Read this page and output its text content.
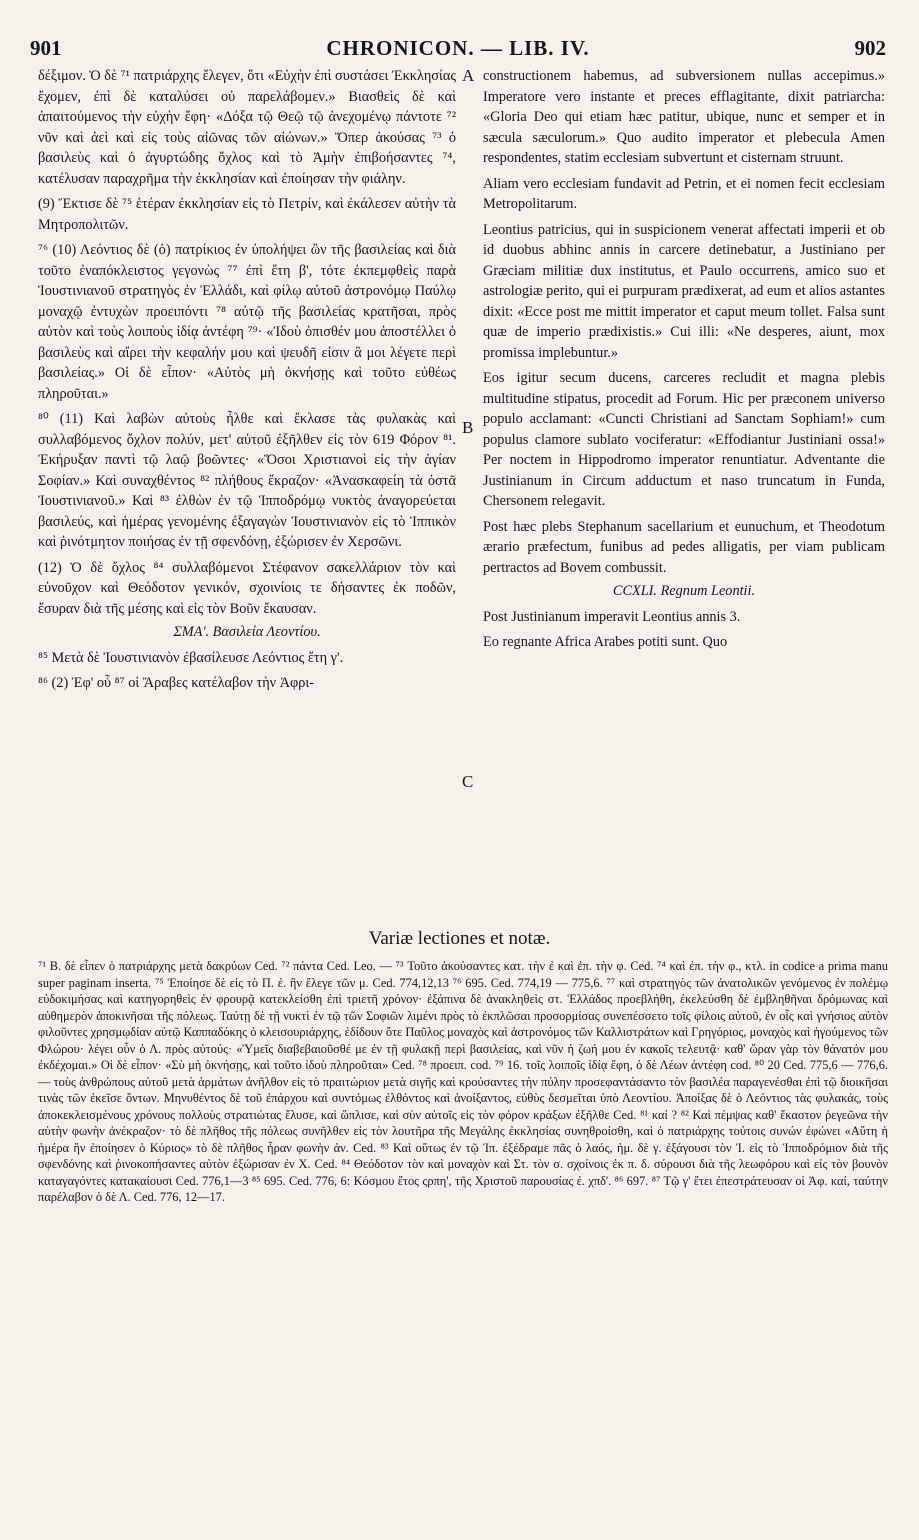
901	CHRONICON. — LIB. IV.	902

δέξιμον. Ὁ δὲ ⁷¹ πατριάρχης ἔλεγεν, ὅτι «Εὐχὴν ἐπὶ συστάσει Ἐκκλησίας ἔχομεν, ἐπὶ δὲ καταλύσει οὐ παρελάβομεν.» Βιασθεὶς δὲ καὶ ἀπαιτούμενος τὴν εὐχὴν ἔφη· «Δόξα τῷ Θεῷ τῷ ἀνεχομένῳ πάντοτε ⁷² νῦν καὶ ἀεὶ καὶ εἰς τοὺς αἰῶνας τῶν αἰώνων.» Ὅπερ ἀκούσας ⁷³ ὁ βασιλεὺς καὶ ὁ ἀγυρτώδης ὄχλος καὶ τὸ Ἀμὴν ἐπιβοήσαντες ⁷⁴, κατέλυσαν παραχρῆμα τὴν ἐκκλησίαν καὶ ἐποίησαν τὴν φιάλην.

(9) Ἔκτισε δὲ ⁷⁵ ἑτέραν ἐκκλησίαν εἰς τὸ Πετρίν, καὶ ἐκάλεσεν αὐτὴν τὰ Μητροπολιτῶν.

⁷⁶ (10) Λεόντιος δὲ (ὁ) πατρίκιος ἐν ὑπολήψει ὢν τῆς βασιλείας καὶ διὰ τοῦτο ἐναπόκλειστος γεγονὼς ⁷⁷ ἐπὶ ἔτη β', τότε ἐκπεμφθεὶς παρὰ Ἰουστινιανοῦ στρατηγὸς ἐν Ἑλλάδι, καὶ φίλῳ αὐτοῦ ἀστρονόμῳ Παύλῳ μοναχῷ ἐντυχὼν προειπόντι ⁷⁸ αὐτῷ τῆς βασιλείας κρατῆσαι, πρὸς αὐτὸν καὶ τοὺς λοιποὺς ἰδίᾳ ἀντέφη ⁷⁹· «Ἰδοὺ ὀπισθέν μου ἀποστέλλει ὁ βασιλεὺς καὶ αἴρει τὴν κεφαλήν μου καὶ ψευδῆ εἰσιν ἃ μοι λέγετε περὶ βασιλείας.» Οἱ δὲ εἶπον· «Αὐτὸς μὴ ὀκνήσῃς καὶ τοῦτο εὐθέως πληροῦται.»

⁸⁰ (11) Καὶ λαβὼν αὐτοὺς ἦλθε καὶ ἔκλασε τὰς φυλακὰς καὶ συλλαβόμενος ὄχλον πολύν, μετ' αὐτοῦ ἐξῆλθεν εἰς τὸν 619 Φόρον ⁸¹. Ἐκήρυξαν παντὶ τῷ λαῷ βοῶντες· «Ὅσοι Χριστιανοὶ εἰς τὴν ἁγίαν Σοφίαν.» Καὶ συναχθέντος ⁸² πλήθους ἔκραζον· «Ἀνασκαφείη τὰ ὀστᾶ Ἰουστινιανοῦ.» Καὶ ⁸³ ἐλθὼν ἐν τῷ Ἱπποδρόμῳ νυκτὸς ἀναγορεύεται βασιλεύς, καὶ ἡμέρας γενομένης ἐξαγαγὼν Ἰουστινιανὸν εἰς τὸ Ἱππικὸν καὶ ῥινότμητον ποιήσας ἐν τῇ σφενδόνῃ, ἐξώρισεν ἐν Χερσῶνι.

(12) Ὁ δὲ ὄχλος ⁸⁴ συλλαβόμενοι Στέφανον σακελλάριον τὸν καὶ εὐνοῦχον καὶ Θεόδοτον γενικόν, σχοινίοις τε δήσαντες ἐκ ποδῶν, ἔσυραν διὰ τῆς μέσης καὶ εἰς τὸν Βοῦν ἔκαυσαν.

ΣΜΑ'. Βασιλεία Λεοντίου.

⁸⁵ Μετὰ δὲ Ἰουστινιανὸν ἐβασίλευσε Λεόντιος ἔτη γ'.

⁸⁶ (2) Ἐφ' οὗ ⁸⁷ οἱ Ἄραβες κατέλαβον τὴν Ἀφρι-

A
B
C

constructionem habemus, ad subversionem nullas accepimus.» Imperatore vero instante et preces efflagitante, dixit patriarcha: «Gloria Deo qui etiam hæc patitur, ubique, nunc et semper et in sæcula sæculorum.» Quo audito imperator et plebecula Amen respondentes, statim ecclesiam subvertunt et cisternam struunt.

Aliam vero ecclesiam fundavit ad Petrin, et ei nomen fecit ecclesiam Metropolitarum.

Leontius patricius, qui in suspicionem venerat affectati imperii et ob id duobus abhinc annis in carcere detinebatur, a Justiniano per Græciam militiæ dux institutus, et Paulo occurrens, amico suo et astrologiæ perito, qui ei purpuram prædixerat, ad eum et alios astantes dixit: «Ecce post me mittit imperator et caput meum tollet. Falsa sunt quæ de imperio prædixistis.» Cui illi: «Ne desperes, aiunt, mox promissa implebuntur.»

Eos igitur secum ducens, carceres recludit et magna plebis multitudine stipatus, procedit ad Forum. Hic per præconem universo populo acclamant: «Cuncti Christiani ad Sanctam Sophiam!» cum populus clamore sublato vociferatur: «Effodiantur Justiniani ossa!» Per noctem in Hippodromo imperator renuntiatur. Adventante die Justinianum in Circum adductum et naso truncatum in Funda, Chersonem relegavit.

Post hæc plebs Stephanum sacellarium et eunuchum, et Theodotum ærario præfectum, funibus ad pedes alligatis, per viam publicam pertractos ad Bovem combussit.

CCXLI. Regnum Leontii.

Post Justinianum imperavit Leontius annis 3.

Eo regnante Africa Arabes potiti sunt. Quo

Variæ lectiones et notæ.

⁷¹ B. δὲ εἶπεν ὁ πατριάρχης μετὰ δακρύων Ced. ⁷² πάντα Ced. Leo. — ⁷³ Τοῦτο ἀκούσαντες κατ. τὴν ἐ καὶ ἐπ. τὴν φ. Ced. ⁷⁴ καὶ ἐπ. τὴν φ., κτλ. in codice a prima manu super paginam inserta. ⁷⁵ Ἐποίησε δὲ εἰς τὸ Π. ἐ. ἣν ἔλεγε τῶν μ. Ced. 774,12,13 ⁷⁶ 695. Ced. 774,19 — 775,6. ⁷⁷ καὶ στρατηγὸς τῶν ἀνατολικῶν γενόμενος ἐν πολέμῳ εὐδοκιμήσας καὶ κατηγορηθεὶς ἐν φρουρᾷ κατεκλείσθη ἐπὶ τριετῆ χρόνον· ἐξάπινα δὲ ἀνακληθεὶς στ. Ἑλλάδος προεβλήθη, ἐκελεύσθη δὲ ἐμβληθῆναι δρόμωνας καὶ αὐθημερὸν ἀποκινῆσαι τῆς πόλεως. Ταύτῃ δὲ τῇ νυκτὶ ἐν τῷ τῶν Σοφιῶν λιμένι πρὸς τὸ ἐκπλῶσαι προσορμίσας συνεπέσσετο τοῖς φίλοις αὐτοῦ, ἐν οἷς καὶ γνήσιος αὐτὸν φιλοῦντες χρησμῳδίαν αὐτῷ Καππαδόκης ὁ κλεισουριάρχης, ἐδίδουν ὅτε Παῦλος μοναχὸς καὶ ἀστρονόμος τῶν Καλλιστράτων καὶ Γρηγόριος, μοναχὸς καὶ ἡγούμενος τῶν Φλώρου· λέγει οὖν ὁ Λ. πρὸς αὐτούς· «Ὑμεῖς διαβεβαιοῦσθέ με ἐν τῇ φυλακῇ περὶ βασιλείας, καὶ νῦν ἡ ζωή μου ἐν κακοῖς τελευτᾷ· καθ' ὥραν γὰρ τὸν θάνατόν μου ἐκδέχομαι.» Οἱ δὲ εἶπον· «Σὺ μὴ ὀκνήσῃς, καὶ τοῦτο ἰδοὺ πληροῦται» Ced. ⁷⁸ προειπ. cod. ⁷⁹ 16. τοῖς λοιποῖς ἰδίᾳ ἔφη, ὁ δὲ Λέων ἀντέφη cod. ⁸⁰ 20 Ced. 775,6 — 776,6. — τοὺς ἀνθρώπους αὐτοῦ μετὰ ἁρμάτων ἀνῆλθον εἰς τὸ πραιτώριον μετὰ σιγῆς καὶ κρούσαντες τὴν πύλην προσεφαντάσαντο τὸν βασιλέα παραγενέσθαι ἐπὶ τῷ διοικῆσαι τινὰς τῶν ἐκεῖσε ὄντων. Μηνυθέντος δὲ τοῦ ἐπάρχου καὶ συντόμως ἐλθόντος καὶ ἀνοίξαντος, εὐθὺς δεσμεῖται ὑπὸ Λεοντίου. Ἀποίξας δὲ ὁ Λεόντιος τὰς φυλακάς, τοὺς ἀποκεκλεισμένους χρόνους πολλοὺς στρατιώτας ἔλυσε, καὶ ὥπλισε, καὶ σὺν αὐτοῖς εἰς τὸν φόρον κράξων ἐξῆλθε Ced. ⁸¹ καί ? ⁸² Καὶ πέμψας καθ' ἕκαστον ῥεγεῶνα τὴν αὐτὴν φωνὴν ἀνέκραζον· τὸ δὲ πλῆθος τῆς πόλεως συνῆλθεν εἰς τὸν λουτῆρα τῆς Μεγάλης ἐκκλησίας συνηθροίσθη, καὶ ὁ πατριάρχης τούτοις συνών ἐφώνει «Αὕτη ἡ ἡμέρα ἣν ἐποίησεν ὁ Κύριος» τὸ δὲ πλῆθος ἦραν φωνὴν ἀν. Ced. ⁸³ Καὶ οὕτως ἐν τῷ Ἱπ. ἐξέδραμε πᾶς ὁ λαός, ἡμ. δὲ γ. ἐξάγουσι τὸν Ἰ. εἰς τὸ Ἱπποδρόμιον διὰ τῆς σφενδόνης καὶ ῥινοκοπήσαντες αὐτὸν ἐξώρισαν ἐν Χ. Ced. ⁸⁴ Θεόδοτον τὸν καὶ μοναχὸν καὶ Στ. τὸν σ. σχοίνοις ἐκ π. δ. σύρουσι διὰ τῆς λεωφόρου καὶ εἰς τὸν βουνὸν καταγαγόντες κατακαίουσι Ced. 776,1—3 ⁸⁵ 695. Ced. 776, 6: Κόσμου ἔτος ςρπη', τῆς Χριστοῦ παρουσίας ἐ. χπδ'. ⁸⁶ 697. ⁸⁷ Τῷ γ' ἔτει ἐπεστράτευσαν οἱ Ἀφ. καί, ταύτην παρέλαβον ὁ δὲ Λ. Ced. 776, 12—17.
